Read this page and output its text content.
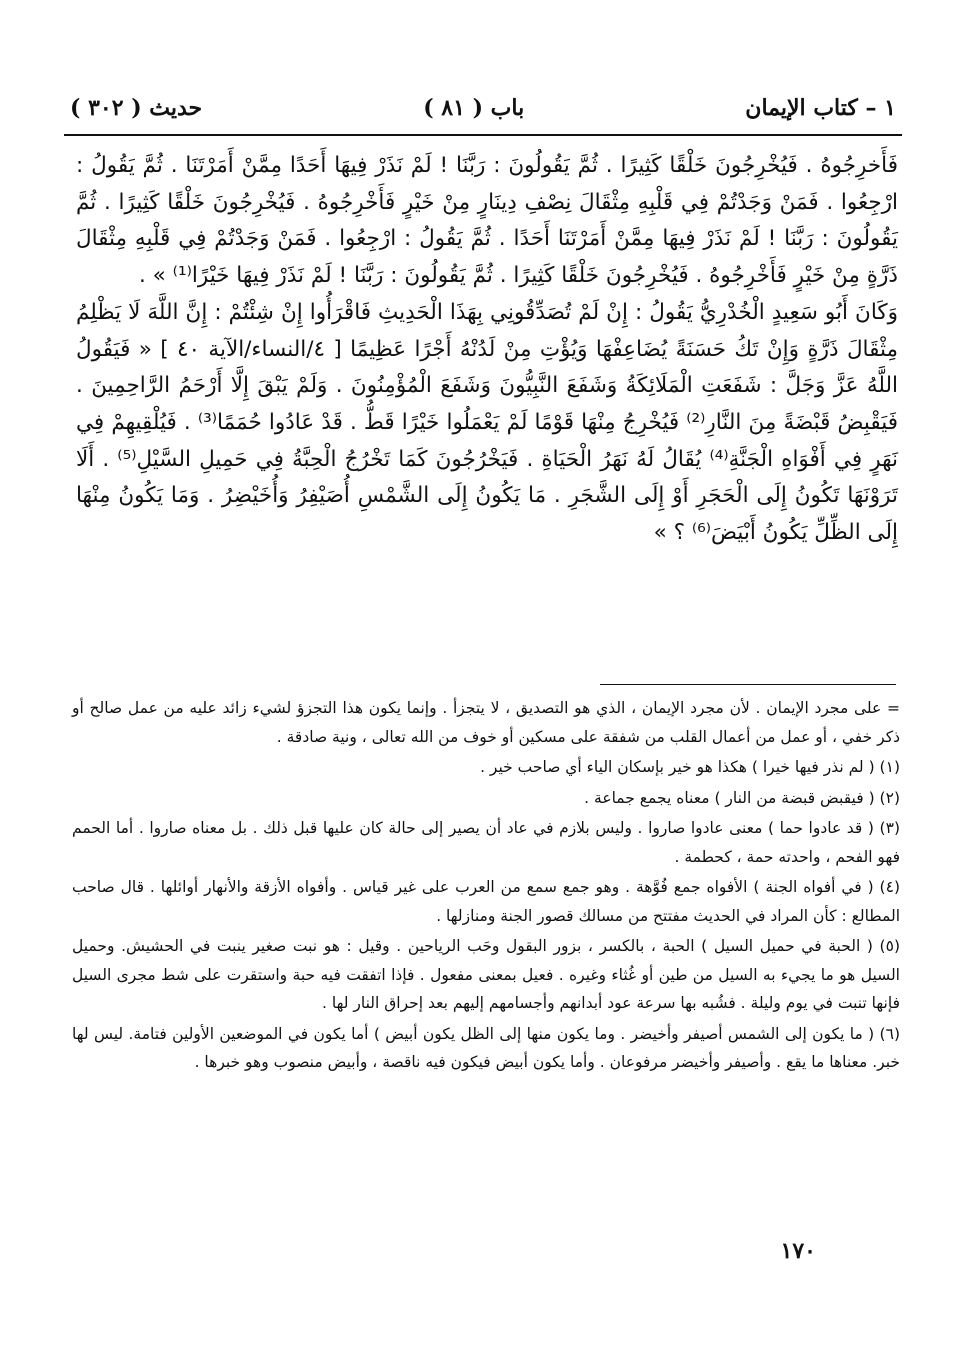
( ٣٠٢ ) حديث	( ٨١ ) باب	١ – كتاب الإيمان

فَأَخرِجُوهُ . فَيُخْرِجُونَ خَلْقًا كَثِيرًا . ثُمَّ يَقُولُونَ : رَبَّنَا ! لَمْ نَذَرْ فِيهَا أَحَدًا مِمَّنْ أَمَرْتَنَا . ثُمَّ يَقُولُ : ارْجِعُوا . فَمَنْ وَجَدْتُمْ فِي قَلْبِهِ مِثْقَالَ نِصْفِ دِينَارٍ مِنْ خَيْرٍ فَأَخْرِجُوهُ . فَيُخْرِجُونَ خَلْقًا كَثِيرًا . ثُمَّ يَقُولُونَ : رَبَّنَا ! لَمْ نَذَرْ فِيهَا مِمَّنْ أَمَرْتَنَا أَحَدًا . ثُمَّ يَقُولُ : ارْجِعُوا . فَمَنْ وَجَدْتُمْ فِي قَلْبِهِ مِثْقَالَ ذَرَّةٍ مِنْ خَيْرٍ فَأَخْرِجُوهُ . فَيُخْرِجُونَ خَلْقًا كَثِيرًا . ثُمَّ يَقُولُونَ : رَبَّنَا ! لَمْ نَذَرْ فِيهَا خَيْرًا⁽¹⁾ » .

وَكَانَ أَبُو سَعِيدٍ الْخُدْرِيُّ يَقُولُ : إِنْ لَمْ تُصَدِّقُونِي بِهَذَا الْحَدِيثِ فَاقْرَأُوا إِنْ شِئْتُمْ : إِنَّ اللَّهَ لَا يَظْلِمُ مِثْقَالَ ذَرَّةٍ وَإِنْ تَكُ حَسَنَةً يُضَاعِفْهَا وَيُؤْتِ مِنْ لَدُنْهُ أَجْرًا عَظِيمًا [ ٤/النساء/الآية ٤٠ ] « فَيَقُولُ اللَّهُ عَزَّ وَجَلَّ : شَفَعَتِ الْمَلَائِكَةُ وَشَفَعَ النَّبِيُّونَ وَشَفَعَ الْمُؤْمِنُونَ . وَلَمْ يَبْقَ إِلَّا أَرْحَمُ الرَّاحِمِينَ . فَيَقْبِضُ قَبْضَةً مِنَ النَّارِ⁽²⁾ فَيُخْرِجُ مِنْهَا قَوْمًا لَمْ يَعْمَلُوا خَيْرًا قَطُّ . قَدْ عَادُوا حُمَمًا⁽³⁾ . فَيُلْقِيهِمْ فِي نَهَرٍ فِي أَفْوَاهِ الْجَنَّةِ⁽⁴⁾ يُقَالُ لَهُ نَهَرُ الْحَيَاةِ . فَيَخْرُجُونَ كَمَا تَخْرُجُ الْحِبَّةُ فِي حَمِيلِ السَّيْلِ⁽⁵⁾ . أَلَا تَرَوْنَهَا تَكُونُ إِلَى الْحَجَرِ أَوْ إِلَى الشَّجَرِ . مَا يَكُونُ إِلَى الشَّمْسِ أُصَيْفِرُ وَأُخَيْضِرُ . وَمَا يَكُونُ مِنْهَا إِلَى الظِّلِّ يَكُونُ أَبْيَضَ⁽⁶⁾ ؟ »

= على مجرد الإيمان . لأن مجرد الإيمان ، الذي هو التصديق ، لا يتجزأ . وإنما يكون هذا التجزؤ لشيء زائد عليه من عمل صالح أو ذكر خفي ، أو عمل من أعمال القلب من شفقة على مسكين أو خوف من الله تعالى ، ونية صادقة .

(١) ( لم نذر فيها خيرا ) هكذا هو خير بإسكان الياء أي صاحب خير .

(٢) ( فيقبض قبضة من النار ) معناه يجمع جماعة .

(٣) ( قد عادوا حما ) معنى عادوا صاروا . وليس بلازم في عاد أن يصير إلى حالة كان عليها قبل ذلك . بل معناه صاروا . أما الحمم فهو الفحم ، واحدته حمة ، كحطمة .

(٤) ( في أفواه الجنة ) الأفواه جمع فُوَّهة . وهو جمع سمع من العرب على غير قياس . وأفواه الأزقة والأنهار أوائلها . قال صاحب المطالع : كأن المراد في الحديث مفتتح من مسالك قصور الجنة ومنازلها .

(٥) ( الحبة في حميل السيل ) الحبة ، بالكسر ، بزور البقول وحَب الرياحين . وقيل : هو نبت صغير ينبت في الحشيش. وحميل السيل هو ما يجيء به السيل من طين أو غُثاء وغيره . فعيل بمعنى مفعول . فإذا اتفقت فيه حبة واستقرت على شط مجرى السيل فإنها تنبت في يوم وليلة . فشُبه بها سرعة عود أبدانهم وأجسامهم إليهم بعد إحراق النار لها .

(٦) ( ما يكون إلى الشمس أصيفر وأخيضر . وما يكون منها إلى الظل يكون أبيض ) أما يكون في الموضعين الأولين فتامة. ليس لها خبر. معناها ما يقع . وأصيفر وأخيضر مرفوعان . وأما يكون أبيض فيكون فيه ناقصة ، وأبيض منصوب وهو خبرها .

١٧٠
